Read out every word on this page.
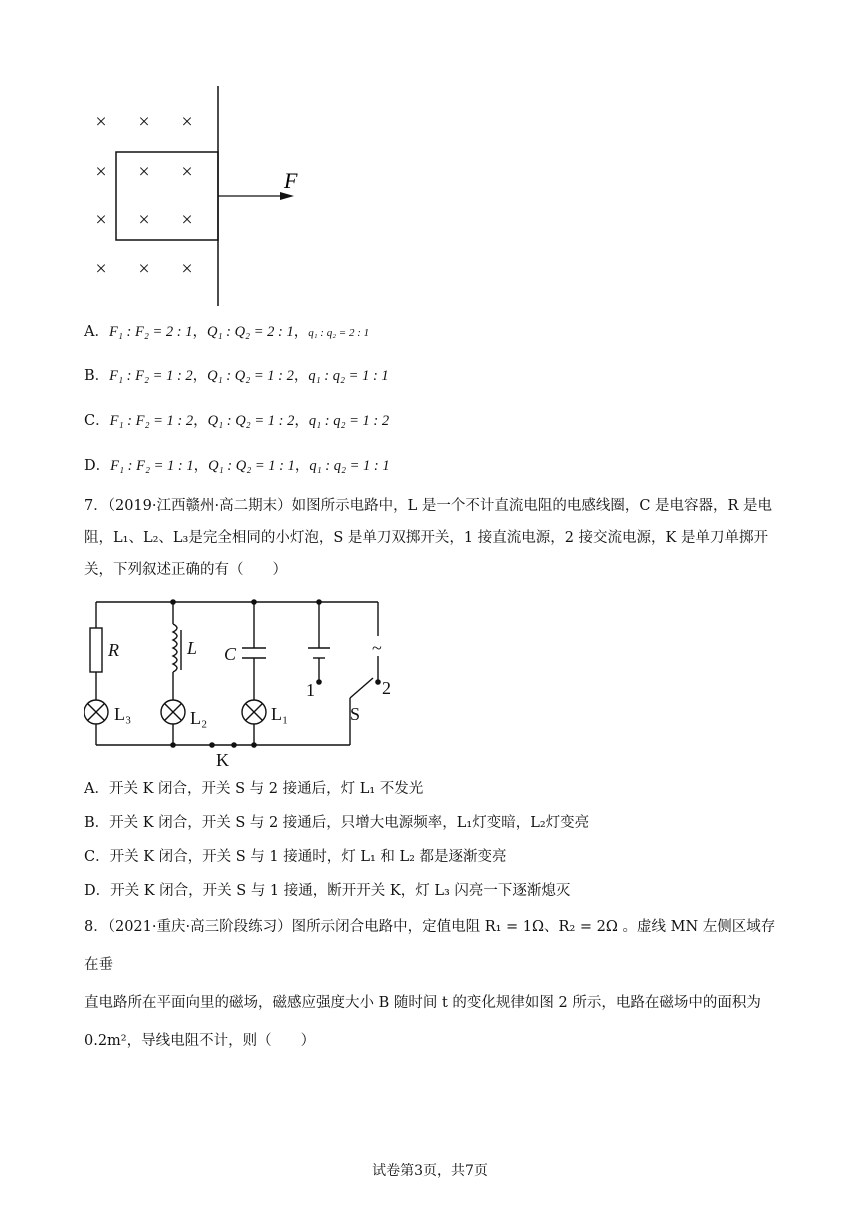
× × ×
× × ×
× × ×
× × ×
F
A．F₁ : F₂ = 2 : 1，Q₁ : Q₂ = 2 : 1，q₁ : q₂ = 2 : 1
B．F₁ : F₂ = 1 : 2，Q₁ : Q₂ = 1 : 2，q₁ : q₂ = 1 : 1
C．F₁ : F₂ = 1 : 2，Q₁ : Q₂ = 1 : 2，q₁ : q₂ = 1 : 2
D．F₁ : F₂ = 1 : 1，Q₁ : Q₂ = 1 : 1，q₁ : q₂ = 1 : 1
7．（2019·江西赣州·高二期末）如图所示电路中，L 是一个不计直流电阻的电感线圈，C 是电容器，R 是电
阻，L₁、L₂、L₃是完全相同的小灯泡，S 是单刀双掷开关，1 接直流电源，2 接交流电源，K 是单刀单掷开
关，下列叙述正确的有（　　）
R	L C
L₃	L₂	L₁
1	2
~
S
K
A．开关 K 闭合，开关 S 与 2 接通后，灯 L₁ 不发光
B．开关 K 闭合，开关 S 与 2 接通后，只增大电源频率，L₁灯变暗，L₂灯变亮
C．开关 K 闭合，开关 S 与 1 接通时，灯 L₁ 和 L₂ 都是逐渐变亮
D．开关 K 闭合，开关 S 与 1 接通，断开开关 K，灯 L₃ 闪亮一下逐渐熄灭
8．（2021·重庆·高三阶段练习）图所示闭合电路中，定值电阻 R₁ = 1Ω、R₂ = 2Ω 。虚线 MN 左侧区域存在垂
直电路所在平面向里的磁场，磁感应强度大小 B 随时间 t 的变化规律如图 2 所示，电路在磁场中的面积为
0.2m²，导线电阻不计，则（　　）
试卷第3页，共7页
